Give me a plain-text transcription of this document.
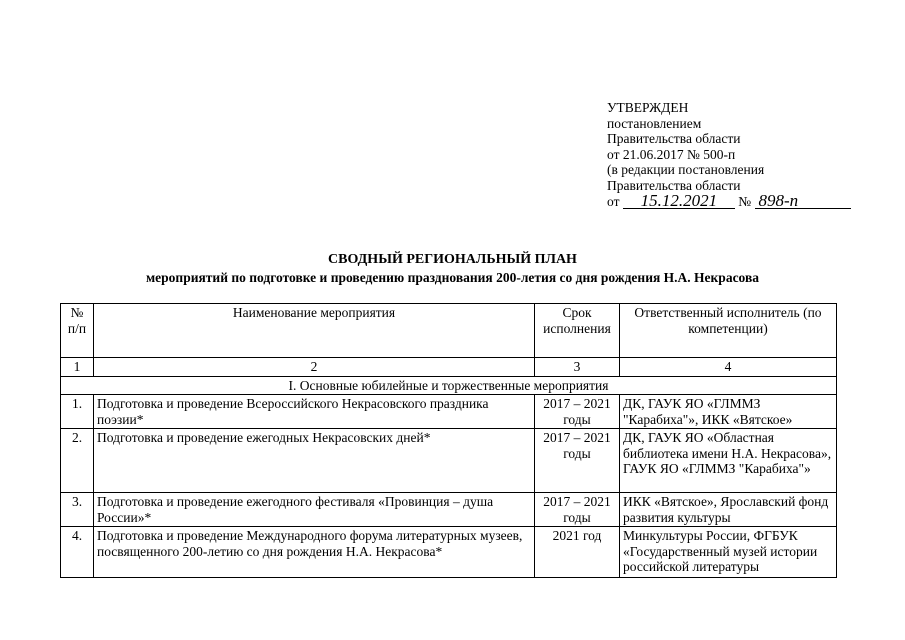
УТВЕРЖДЕН
постановлением
Правительства области
от 21.06.2017 № 500-п
(в редакции постановления
Правительства области
от 15.12.2021 № 898-п
СВОДНЫЙ РЕГИОНАЛЬНЫЙ ПЛАН
мероприятий по подготовке и проведению празднования 200-летия со дня рождения Н.А. Некрасова
№ п/п	Наименование мероприятия	Срок исполнения	Ответственный исполнитель (по компетенции)
1	2	3	4
I. Основные юбилейные и торжественные мероприятия			
1.	Подготовка и проведение Всероссийского Некрасовского праздника поэзии*	2017 – 2021 годы	ДК, ГАУК ЯО «ГЛММЗ "Карабиха"», ИКК «Вятское»
2.	Подготовка и проведение ежегодных Некрасовских дней*	2017 – 2021 годы	ДК, ГАУК ЯО «Областная библиотека имени Н.А. Некрасова», ГАУК ЯО «ГЛММЗ "Карабиха"»
3.	Подготовка и проведение ежегодного фестиваля «Провинция – душа России»*	2017 – 2021 годы	ИКК «Вятское», Ярославский фонд развития культуры
4.	Подготовка и проведение Международного форума литературных музеев, посвященного 200-летию со дня рождения Н.А. Некрасова*	2021 год	Минкультуры России, ФГБУК «Государственный музей истории российской литературы
